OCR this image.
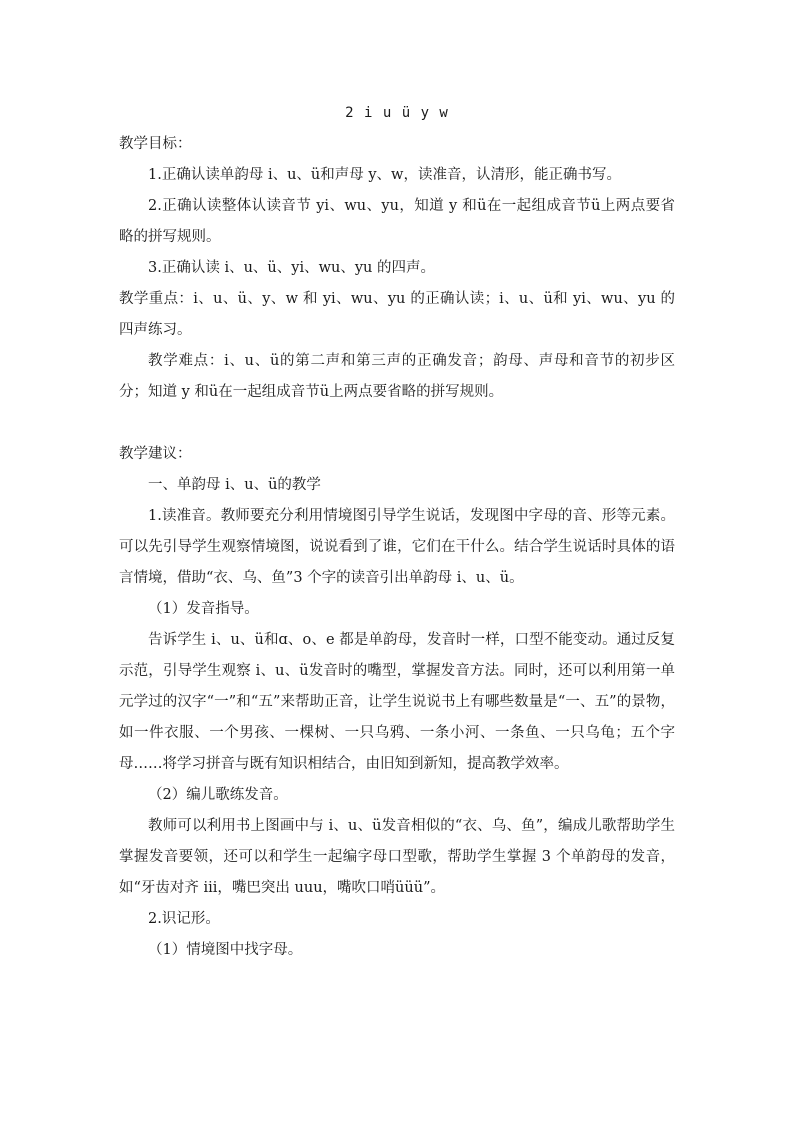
2 i u ü y w

教学目标：

1.正确认读单韵母 i、u、ü和声母 y、w，读准音，认清形，能正确书写。

2.正确认读整体认读音节 yi、wu、yu，知道 y 和ü在一起组成音节ü上两点要省略的拼写规则。

3.正确认读 i、u、ü、yi、wu、yu 的四声。

教学重点：i、u、ü、y、w 和 yi、wu、yu 的正确认读；i、u、ü和 yi、wu、yu 的四声练习。

教学难点：i、u、ü的第二声和第三声的正确发音；韵母、声母和音节的初步区分；知道 y 和ü在一起组成音节ü上两点要省略的拼写规则。

教学建议：

一、单韵母 i、u、ü的教学

1.读准音。教师要充分利用情境图引导学生说话，发现图中字母的音、形等元素。可以先引导学生观察情境图，说说看到了谁，它们在干什么。结合学生说话时具体的语言情境，借助“衣、乌、鱼”3 个字的读音引出单韵母 i、u、ü。

（1）发音指导。

告诉学生 i、u、ü和ɑ、o、e 都是单韵母，发音时一样，口型不能变动。通过反复示范，引导学生观察 i、u、ü发音时的嘴型，掌握发音方法。同时，还可以利用第一单元学过的汉字“一”和“五”来帮助正音，让学生说说书上有哪些数量是“一、五”的景物，如一件衣服、一个男孩、一棵树、一只乌鸦、一条小河、一条鱼、一只乌龟；五个字母……将学习拼音与既有知识相结合，由旧知到新知，提高教学效率。

（2）编儿歌练发音。

教师可以利用书上图画中与 i、u、ü发音相似的“衣、乌、鱼”，编成儿歌帮助学生掌握发音要领，还可以和学生一起编字母口型歌，帮助学生掌握 3 个单韵母的发音，如“牙齿对齐 iii，嘴巴突出 uuu，嘴吹口哨üüü”。

2.识记形。

（1）情境图中找字母。
